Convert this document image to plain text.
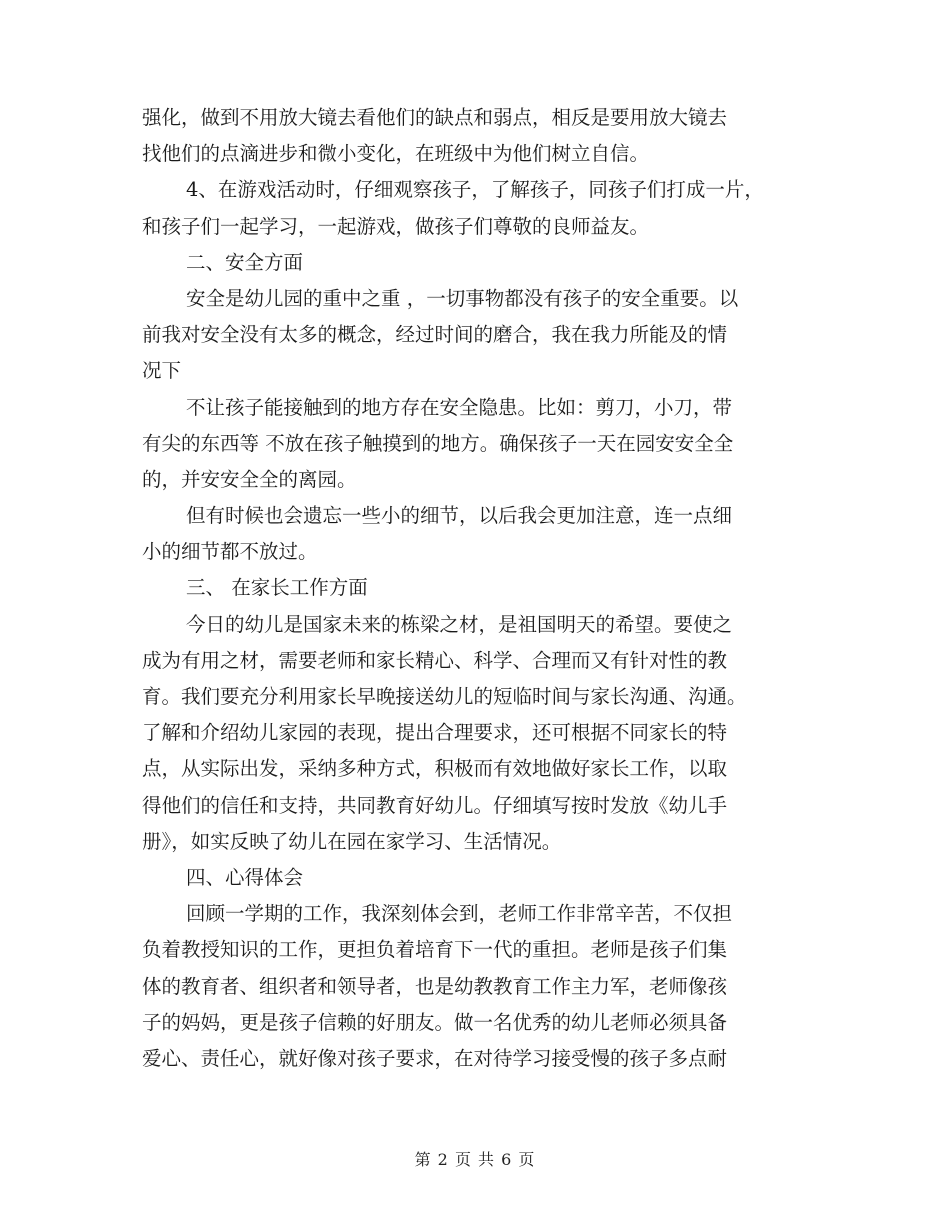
强化，做到不用放大镜去看他们的缺点和弱点，相反是要用放大镜去
找他们的点滴进步和微小变化，在班级中为他们树立自信。
4、在游戏活动时，仔细观察孩子，了解孩子，同孩子们打成一片，
和孩子们一起学习，一起游戏，做孩子们尊敬的良师益友。
二、安全方面
安全是幼儿园的重中之重 ，一切事物都没有孩子的安全重要。以
前我对安全没有太多的概念，经过时间的磨合，我在我力所能及的情
况下
不让孩子能接触到的地方存在安全隐患。比如：剪刀，小刀，带
有尖的东西等 不放在孩子触摸到的地方。确保孩子一天在园安安全全
的，并安安全全的离园。
但有时候也会遗忘一些小的细节，以后我会更加注意，连一点细
小的细节都不放过。
三、 在家长工作方面
今日的幼儿是国家未来的栋梁之材，是祖国明天的希望。要使之
成为有用之材，需要老师和家长精心、科学、合理而又有针对性的教
育。我们要充分利用家长早晚接送幼儿的短临时间与家长沟通、沟通。
了解和介绍幼儿家园的表现，提出合理要求，还可根据不同家长的特
点，从实际出发，采纳多种方式，积极而有效地做好家长工作，以取
得他们的信任和支持，共同教育好幼儿。仔细填写按时发放《幼儿手
册》，如实反映了幼儿在园在家学习、生活情况。
四、心得体会
回顾一学期的工作，我深刻体会到，老师工作非常辛苦，不仅担
负着教授知识的工作，更担负着培育下一代的重担。老师是孩子们集
体的教育者、组织者和领导者，也是幼教教育工作主力军，老师像孩
子的妈妈，更是孩子信赖的好朋友。做一名优秀的幼儿老师必须具备
爱心、责任心，就好像对孩子要求，在对待学习接受慢的孩子多点耐
第 2 页 共 6 页
